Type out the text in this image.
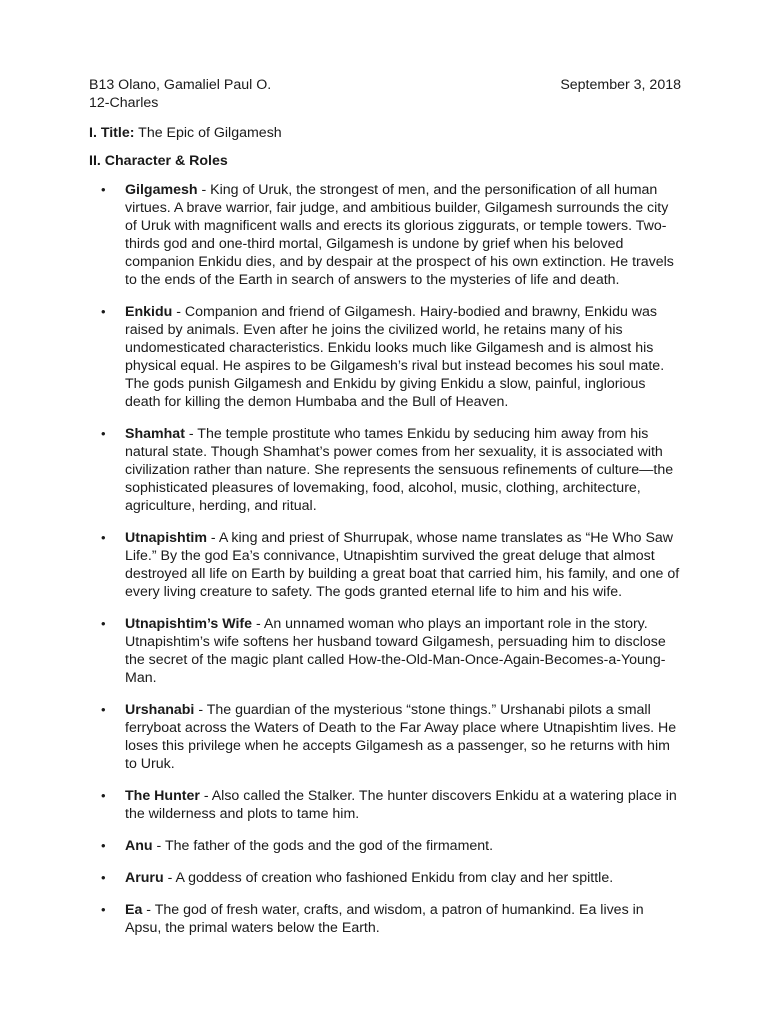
B13 Olano, Gamaliel Paul O.	September 3, 2018
12-Charles
I. Title: The Epic of Gilgamesh
II. Character & Roles
• Gilgamesh - King of Uruk, the strongest of men, and the personification of all human virtues. A brave warrior, fair judge, and ambitious builder, Gilgamesh surrounds the city of Uruk with magnificent walls and erects its glorious ziggurats, or temple towers. Two-thirds god and one-third mortal, Gilgamesh is undone by grief when his beloved companion Enkidu dies, and by despair at the prospect of his own extinction. He travels to the ends of the Earth in search of answers to the mysteries of life and death.
• Enkidu - Companion and friend of Gilgamesh. Hairy-bodied and brawny, Enkidu was raised by animals. Even after he joins the civilized world, he retains many of his undomesticated characteristics. Enkidu looks much like Gilgamesh and is almost his physical equal. He aspires to be Gilgamesh’s rival but instead becomes his soul mate. The gods punish Gilgamesh and Enkidu by giving Enkidu a slow, painful, inglorious death for killing the demon Humbaba and the Bull of Heaven.
• Shamhat - The temple prostitute who tames Enkidu by seducing him away from his natural state. Though Shamhat’s power comes from her sexuality, it is associated with civilization rather than nature. She represents the sensuous refinements of culture—the sophisticated pleasures of lovemaking, food, alcohol, music, clothing, architecture, agriculture, herding, and ritual.
• Utnapishtim - A king and priest of Shurrupak, whose name translates as “He Who Saw Life.” By the god Ea’s connivance, Utnapishtim survived the great deluge that almost destroyed all life on Earth by building a great boat that carried him, his family, and one of every living creature to safety. The gods granted eternal life to him and his wife.
• Utnapishtim’s Wife - An unnamed woman who plays an important role in the story. Utnapishtim’s wife softens her husband toward Gilgamesh, persuading him to disclose the secret of the magic plant called How-the-Old-Man-Once-Again-Becomes-a-Young-Man.
• Urshanabi - The guardian of the mysterious “stone things.” Urshanabi pilots a small ferryboat across the Waters of Death to the Far Away place where Utnapishtim lives. He loses this privilege when he accepts Gilgamesh as a passenger, so he returns with him to Uruk.
• The Hunter - Also called the Stalker. The hunter discovers Enkidu at a watering place in the wilderness and plots to tame him.
• Anu - The father of the gods and the god of the firmament.
• Aruru - A goddess of creation who fashioned Enkidu from clay and her spittle.
• Ea - The god of fresh water, crafts, and wisdom, a patron of humankind. Ea lives in Apsu, the primal waters below the Earth.
